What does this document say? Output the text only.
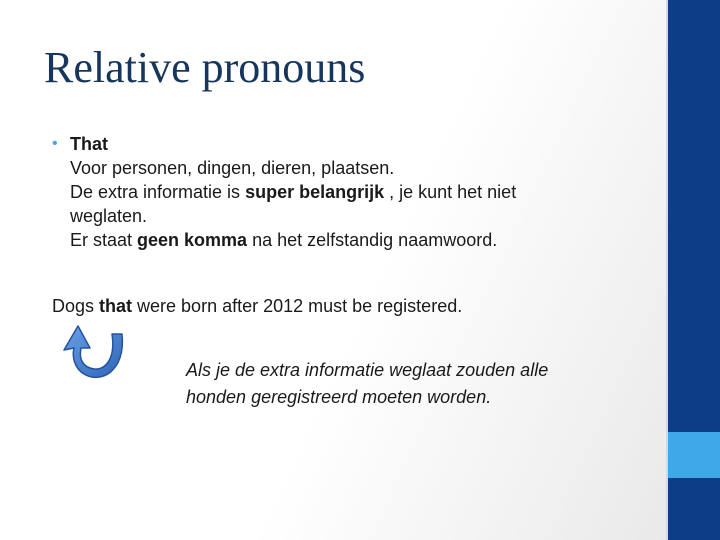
Relative pronouns
• That
Voor personen, dingen, dieren, plaatsen.
De extra informatie is super belangrijk , je kunt het niet
weglaten.
Er staat geen komma na het zelfstandig naamwoord.
Dogs that were born after 2012 must be registered.
Als je de extra informatie weglaat zouden alle
honden geregistreerd moeten worden.
